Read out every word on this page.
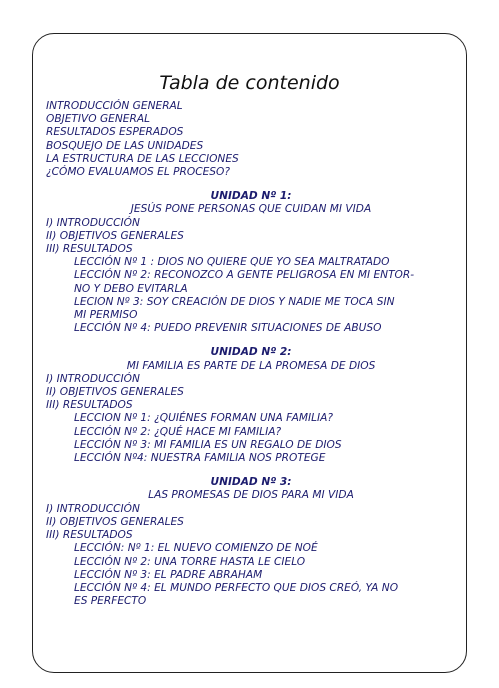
Tabla de contenido
INTRODUCCIÓN GENERAL
OBJETIVO GENERAL
RESULTADOS ESPERADOS
BOSQUEJO DE LAS UNIDADES
LA ESTRUCTURA DE LAS LECCIONES
¿CÓMO EVALUAMOS EL PROCESO?
UNIDAD Nº 1:
JESÚS PONE PERSONAS QUE CUIDAN MI VIDA
I) INTRODUCCIÓN
II) OBJETIVOS GENERALES
III) RESULTADOS
LECCIÓN Nº 1 : DIOS NO QUIERE QUE YO SEA MALTRATADO
LECCIÓN Nº 2: RECONOZCO A GENTE PELIGROSA EN MI ENTOR-
NO Y DEBO EVITARLA
LECION Nº 3: SOY CREACIÓN DE DIOS Y NADIE ME TOCA SIN
MI PERMISO
LECCIÓN Nº 4: PUEDO PREVENIR SITUACIONES DE ABUSO
UNIDAD Nº 2:
MI FAMILIA ES PARTE DE LA PROMESA DE DIOS
I) INTRODUCCIÓN
II) OBJETIVOS GENERALES
III) RESULTADOS
LECCION Nº 1: ¿QUIÉNES FORMAN UNA FAMILIA?
LECCIÓN Nº 2: ¿QUÉ HACE MI FAMILIA?
LECCIÓN Nº 3: MI FAMILIA ES UN REGALO DE DIOS
LECCIÓN Nº4: NUESTRA FAMILIA NOS PROTEGE
UNIDAD Nº 3:
LAS PROMESAS DE DIOS PARA MI VIDA
I) INTRODUCCIÓN
II) OBJETIVOS GENERALES
III) RESULTADOS
LECCIÓN: Nº 1: EL NUEVO COMIENZO DE NOÉ
LECCIÓN Nº 2: UNA TORRE HASTA LE CIELO
LECCIÓN Nº 3: EL PADRE ABRAHAM
LECCIÓN Nº 4: EL MUNDO PERFECTO QUE DIOS CREÓ, YA NO
ES PERFECTO
